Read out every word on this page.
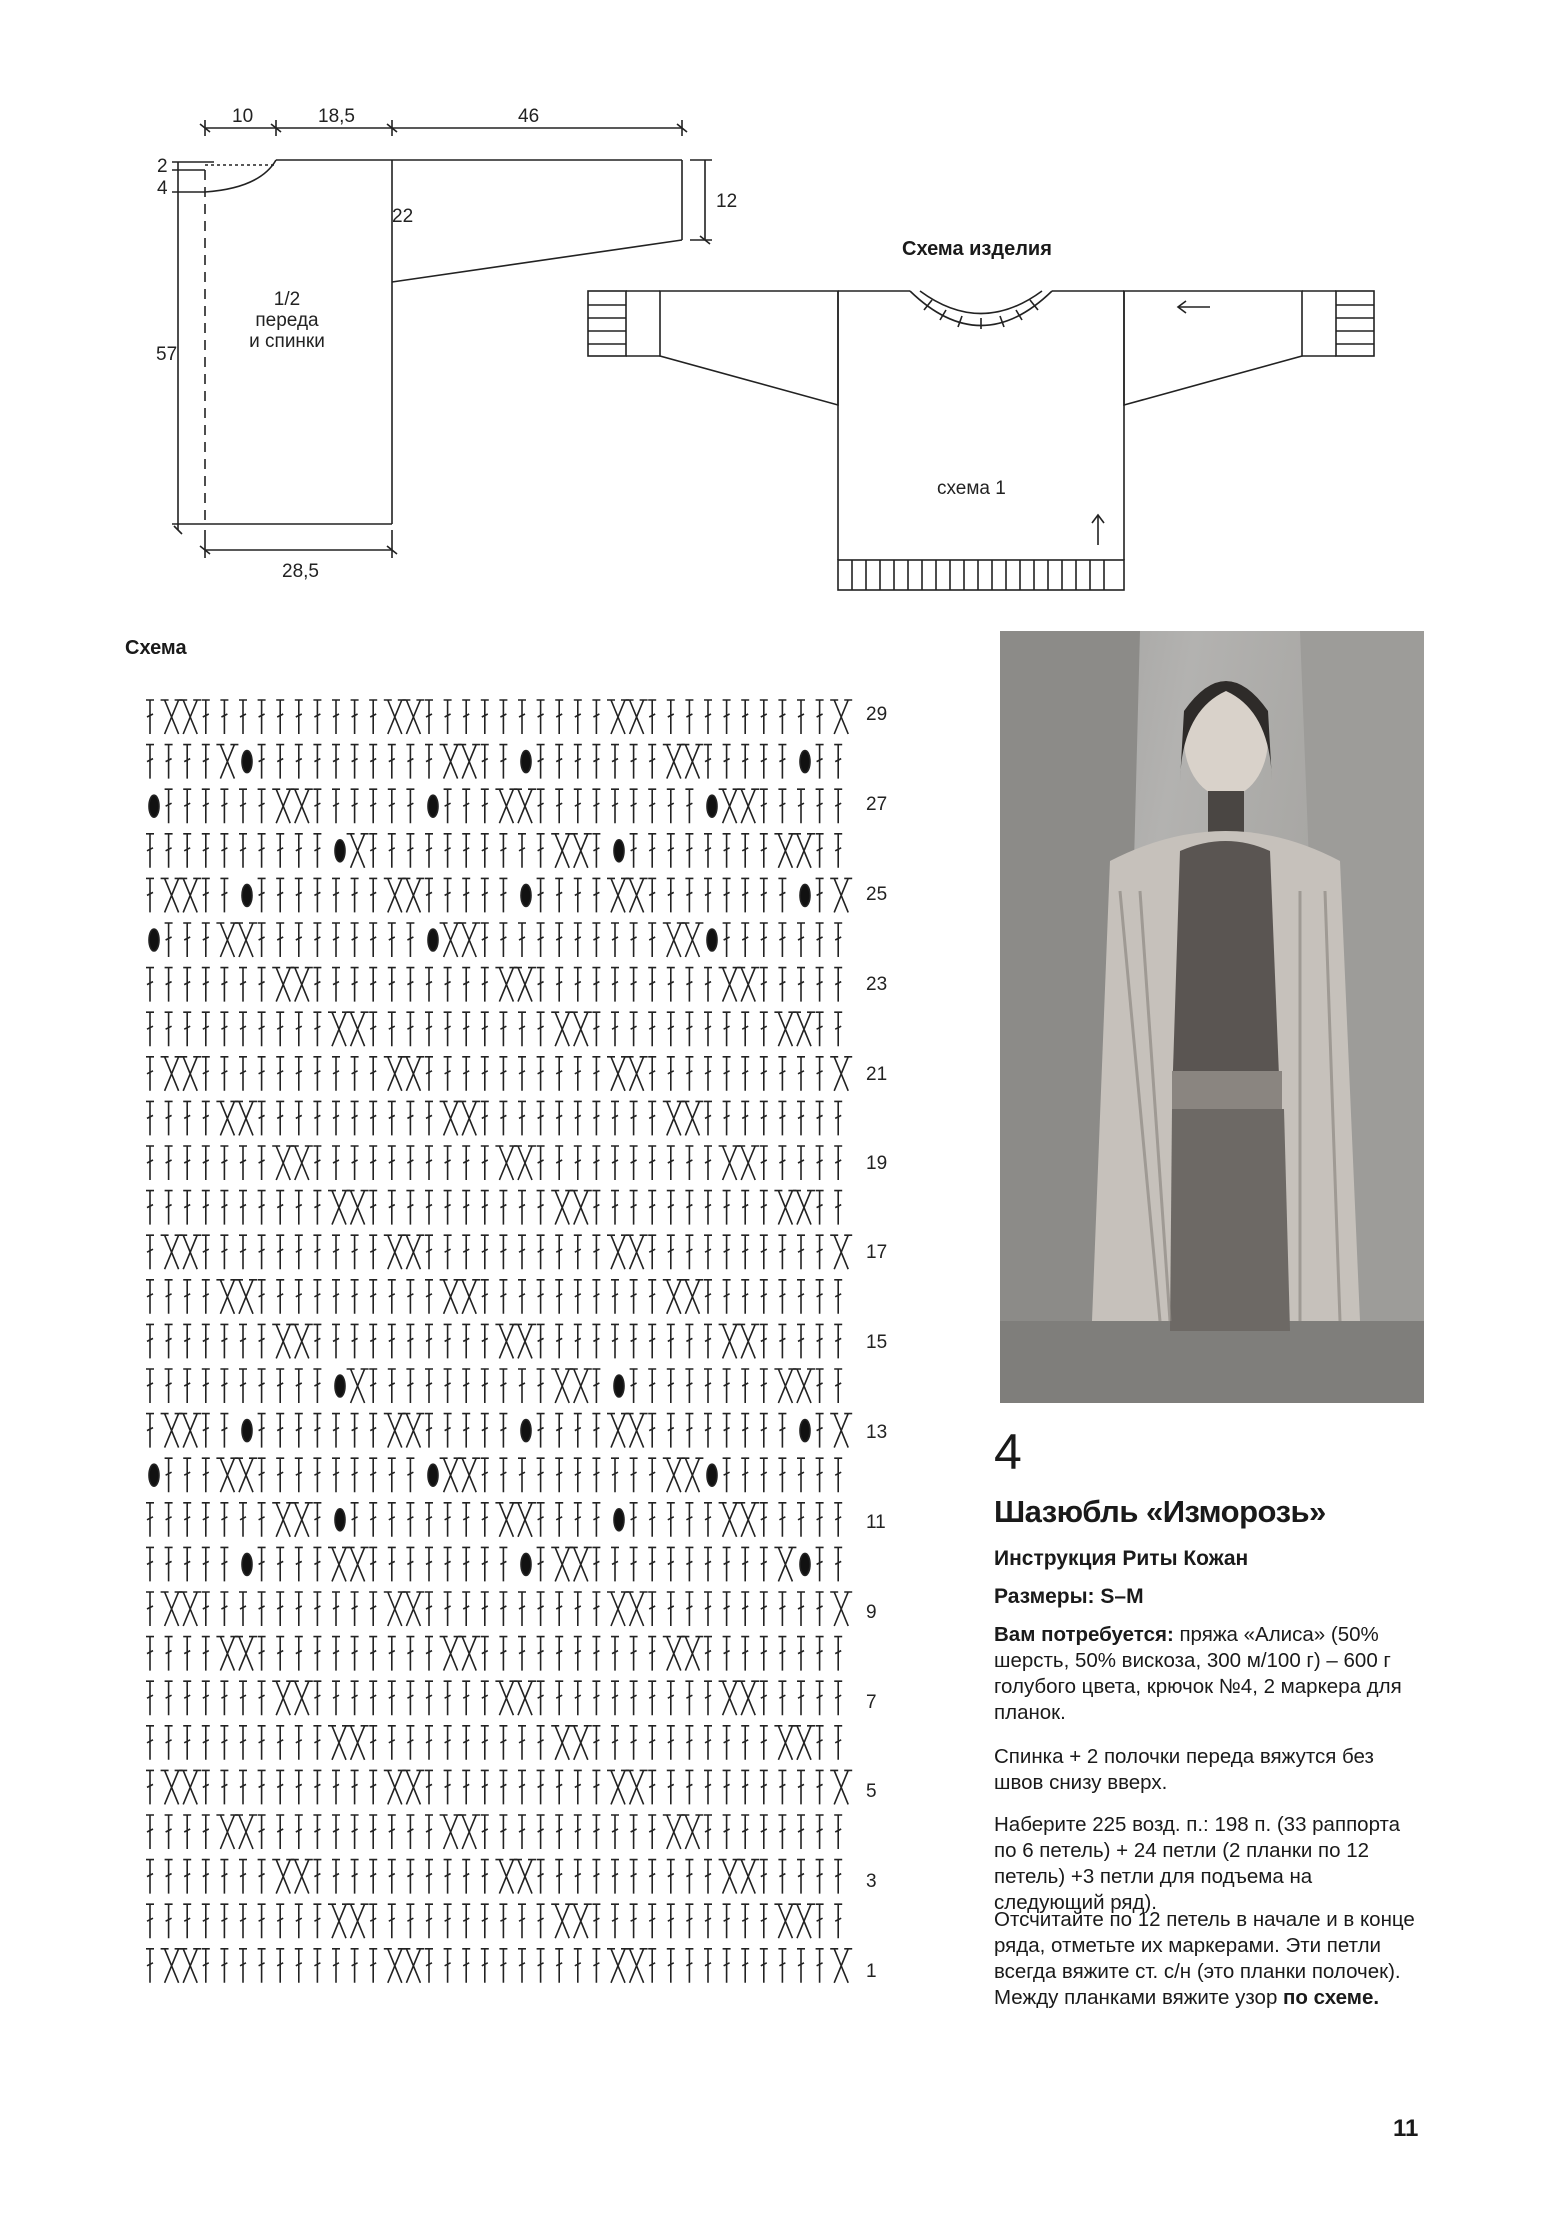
10	18,5	46
2
4
22
12
57
28,5
1/2
переда
и спинки
Схема изделия
схема 1
Схема
29
27
25
23
21
19
17
15
13
11
9
7
5
3
1
4
Шазюбль «Изморозь»
Инструкция Риты Кожан
Размеры: S–M
Вам потребуется: пряжа «Алиса» (50% шерсть, 50% вискоза, 300 м/100 г) – 600 г голубого цвета, крючок №4, 2 маркера для планок.
Спинка + 2 полочки переда вяжутся без швов снизу вверх.
Наберите 225 возд. п.: 198 п. (33 раппорта по 6 петель) + 24 петли (2 планки по 12 петель) +3 петли для подъема на следующий ряд).
Отсчитайте по 12 петель в начале и в конце ряда, отметьте их маркерами. Эти петли всегда вяжите ст. с/н (это планки полочек). Между планками вяжите узор по схеме.
11
